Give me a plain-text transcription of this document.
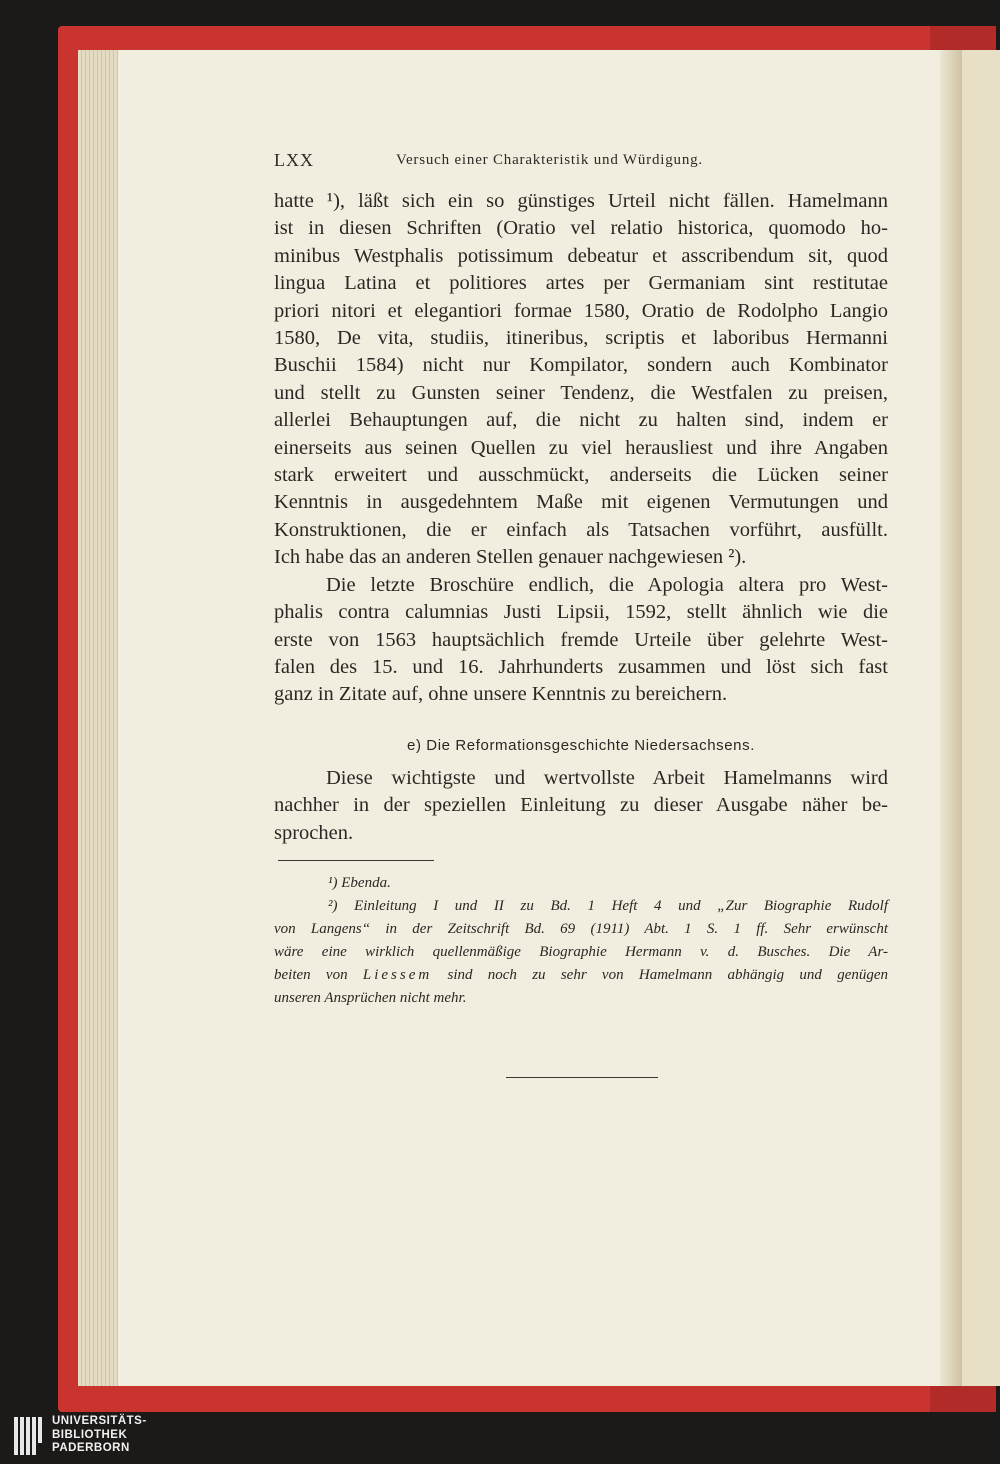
LXX	Versuch einer Charakteristik und Würdigung.

hatte ¹), läßt sich ein so günstiges Urteil nicht fällen. Hamelmann

ist in diesen Schriften (Oratio vel relatio historica, quomodo ho-

minibus Westphalis potissimum debeatur et asscribendum sit, quod

lingua Latina et politiores artes per Germaniam sint restitutae

priori nitori et elegantiori formae 1580, Oratio de Rodolpho Langio

1580, De vita, studiis, itineribus, scriptis et laboribus Hermanni

Buschii 1584) nicht nur Kompilator, sondern auch Kombinator

und stellt zu Gunsten seiner Tendenz, die Westfalen zu preisen,

allerlei Behauptungen auf, die nicht zu halten sind, indem er

einerseits aus seinen Quellen zu viel herausliest und ihre Angaben

stark erweitert und ausschmückt, anderseits die Lücken seiner

Kenntnis in ausgedehntem Maße mit eigenen Vermutungen und

Konstruktionen, die er einfach als Tatsachen vorführt, ausfüllt.

Ich habe das an anderen Stellen genauer nachgewiesen ²).

Die letzte Broschüre endlich, die Apologia altera pro West-

phalis contra calumnias Justi Lipsii, 1592, stellt ähnlich wie die

erste von 1563 hauptsächlich fremde Urteile über gelehrte West-

falen des 15. und 16. Jahrhunderts zusammen und löst sich fast

ganz in Zitate auf, ohne unsere Kenntnis zu bereichern.

e) Die Reformationsgeschichte Niedersachsens.

Diese wichtigste und wertvollste Arbeit Hamelmanns wird

nachher in der speziellen Einleitung zu dieser Ausgabe näher be-

sprochen.

¹) Ebenda.

²) Einleitung I und II zu Bd. 1 Heft 4 und „Zur Biographie Rudolf

von Langens“ in der Zeitschrift Bd. 69 (1911) Abt. 1 S. 1 ff. Sehr erwünscht

wäre eine wirklich quellenmäßige Biographie Hermann v. d. Busches. Die Ar-

beiten von Liessem sind noch zu sehr von Hamelmann abhängig und genügen

unseren Ansprüchen nicht mehr.

UNIVERSITÄTS-
BIBLIOTHEK
PADERBORN
